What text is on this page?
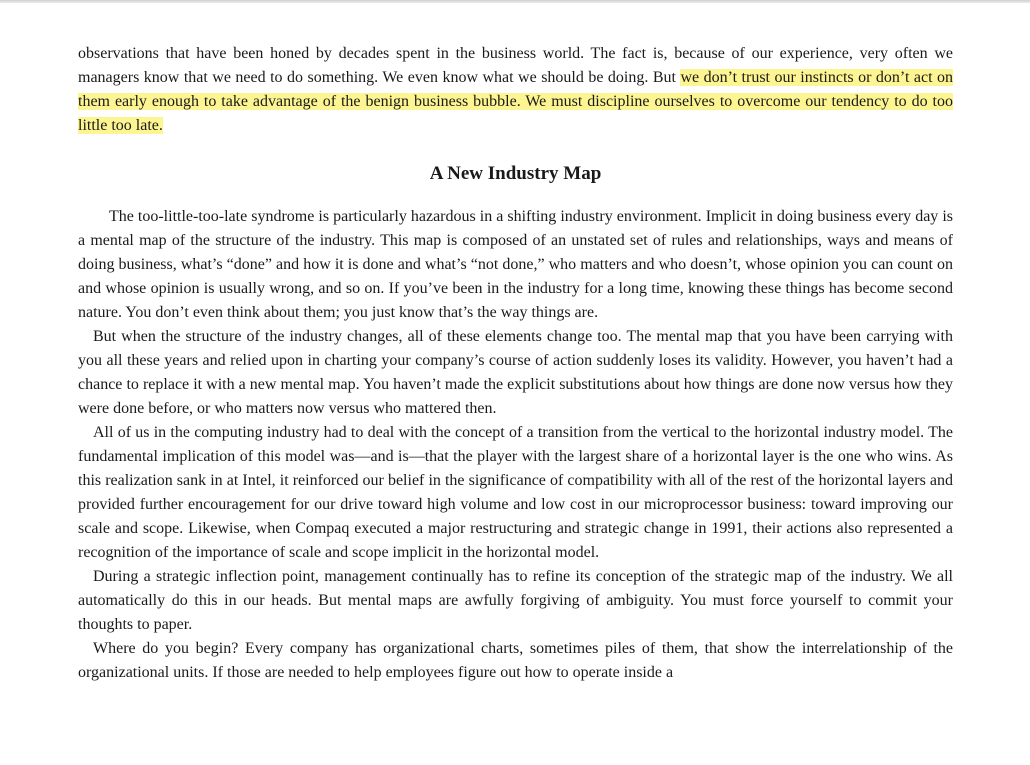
observations that have been honed by decades spent in the business world. The fact is, because of our experience, very often we managers know that we need to do something. We even know what we should be doing. But we don’t trust our instincts or don’t act on them early enough to take advantage of the benign business bubble. We must discipline ourselves to overcome our tendency to do too little too late.

A New Industry Map

The too-little-too-late syndrome is particularly hazardous in a shifting industry environment. Implicit in doing business every day is a mental map of the structure of the industry. This map is composed of an unstated set of rules and relationships, ways and means of doing business, what’s “done” and how it is done and what’s “not done,” who matters and who doesn’t, whose opinion you can count on and whose opinion is usually wrong, and so on. If you’ve been in the industry for a long time, knowing these things has become second nature. You don’t even think about them; you just know that’s the way things are.

But when the structure of the industry changes, all of these elements change too. The mental map that you have been carrying with you all these years and relied upon in charting your company’s course of action suddenly loses its validity. However, you haven’t had a chance to replace it with a new mental map. You haven’t made the explicit substitutions about how things are done now versus how they were done before, or who matters now versus who mattered then.

All of us in the computing industry had to deal with the concept of a transition from the vertical to the horizontal industry model. The fundamental implication of this model was—and is—that the player with the largest share of a horizontal layer is the one who wins. As this realization sank in at Intel, it reinforced our belief in the significance of compatibility with all of the rest of the horizontal layers and provided further encouragement for our drive toward high volume and low cost in our microprocessor business: toward improving our scale and scope. Likewise, when Compaq executed a major restructuring and strategic change in 1991, their actions also represented a recognition of the importance of scale and scope implicit in the horizontal model.

During a strategic inflection point, management continually has to refine its conception of the strategic map of the industry. We all automatically do this in our heads. But mental maps are awfully forgiving of ambiguity. You must force yourself to commit your thoughts to paper.

Where do you begin? Every company has organizational charts, sometimes piles of them, that show the interrelationship of the organizational units. If those are needed to help employees figure out how to operate inside a
